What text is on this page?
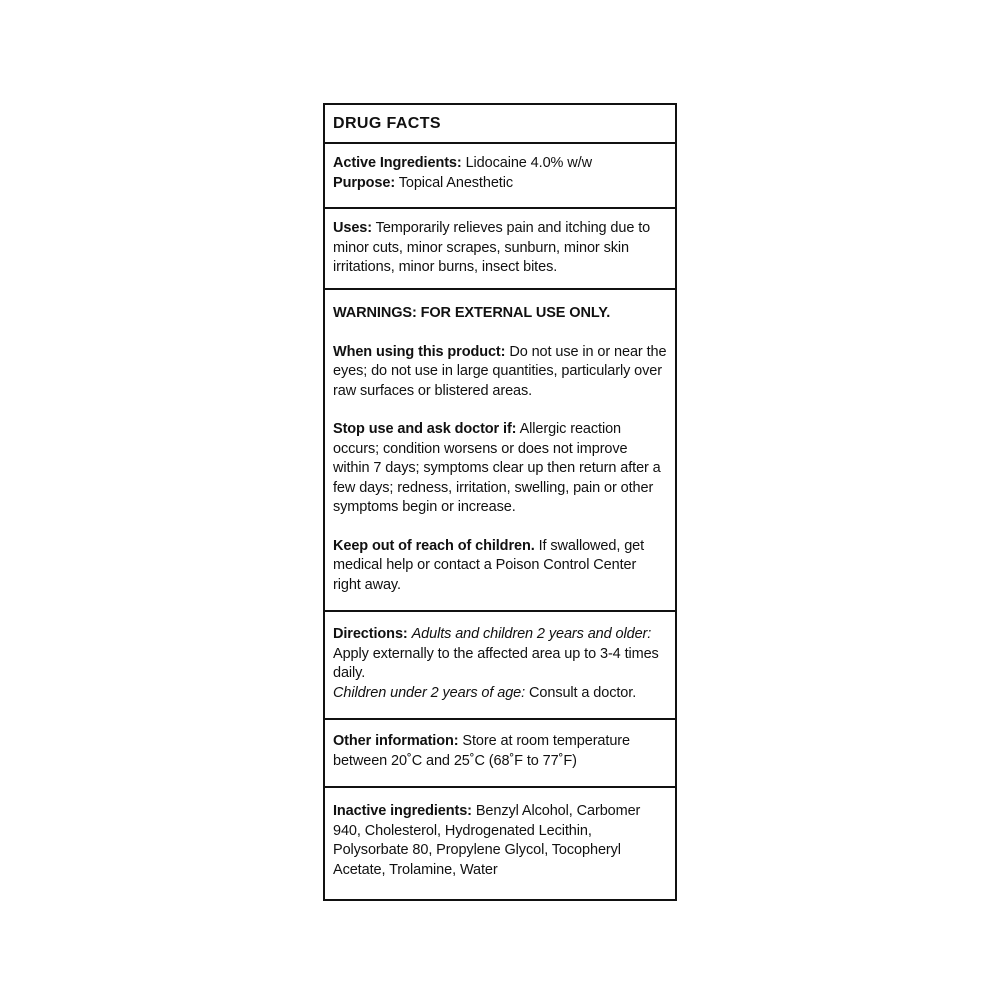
DRUG FACTS

Active Ingredients: Lidocaine 4.0% w/w

Purpose: Topical Anesthetic

Uses: Temporarily relieves pain and itching due to minor cuts, minor scrapes, sunburn, minor skin irritations, minor burns, insect bites.

WARNINGS: FOR EXTERNAL USE ONLY.

When using this product: Do not use in or near the eyes; do not use in large quantities, particularly over raw surfaces or blistered areas.

Stop use and ask doctor if: Allergic reaction occurs; condition worsens or does not improve within 7 days; symptoms clear up then return after a few days; redness, irritation, swelling, pain or other symptoms begin or increase.

Keep out of reach of children. If swallowed, get medical help or contact a Poison Control Center right away.

Directions: Adults and children 2 years and older: Apply externally to the affected area up to 3-4 times daily.

Children under 2 years of age: Consult a doctor.

Other information: Store at room temperature between 20˚C and 25˚C (68˚F to 77˚F)

Inactive ingredients: Benzyl Alcohol, Carbomer 940, Cholesterol, Hydrogenated Lecithin, Polysorbate 80, Propylene Glycol, Tocopheryl Acetate, Trolamine, Water
